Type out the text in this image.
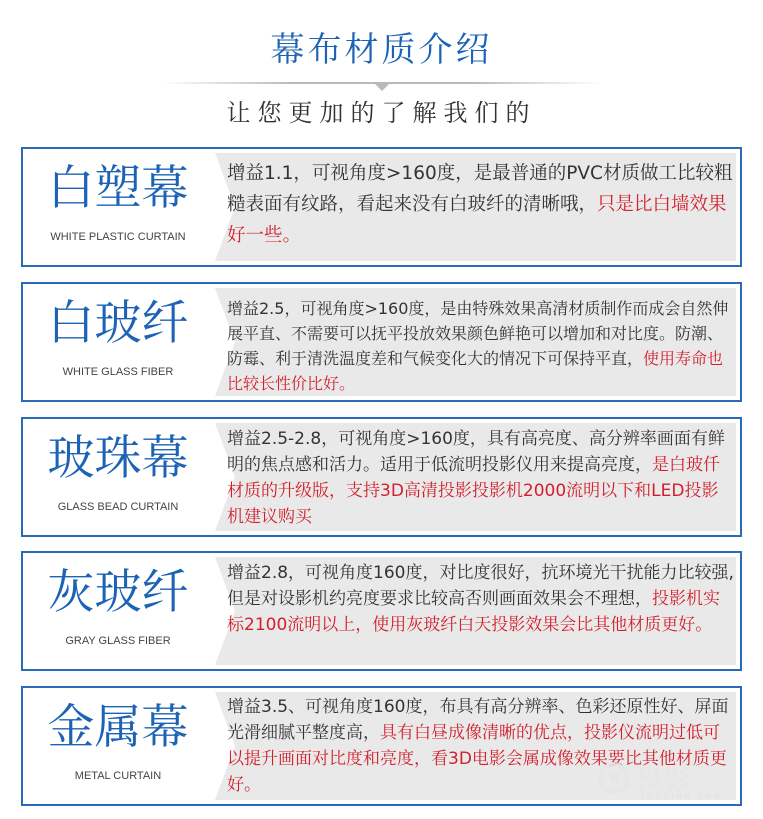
幕布材质介绍
让您更加的了解我们的
白塑幕
WHITE PLASTIC CURTAIN
增益1.1，可视角度>160度，是最普通的PVC材质做工比较粗糙表面有纹路，看起来没有白玻纤的清晰哦，只是比白墙效果好一些。
白玻纤
WHITE GLASS FIBER
增益2.5，可视角度>160度，是由特殊效果高清材质制作而成会自然伸展平直、不需要可以抚平投放效果颜色鲜艳可以增加和对比度。防潮、防霉、利于清洗温度差和气候变化大的情况下可保持平直，使用寿命也比较长性价比好。
玻珠幕
GLASS BEAD CURTAIN
增益2.5-2.8，可视角度>160度，具有高亮度、高分辨率画面有鲜明的焦点感和活力。适用于低流明投影仪用来提高亮度，是白玻仟材质的升级版，支持3D高清投影投影机2000流明以下和LED投影机建议购买
灰玻纤
GRAY GLASS FIBER
增益2.8，可视角度160度，对比度很好，抗环境光干扰能力比较强,但是对设影机约亮度要求比较高否则画面效果会不理想，投影机实标2100流明以上，使用灰玻纤白天投影效果会比其他材质更好。
金属幕
METAL CURTAIN
增益3.5、可视角度160度，布具有高分辨率、色彩还原性好、屏面光滑细腻平整度高，具有白昼成像清晰的优点，投影仪流明过低可以提升画面对比度和亮度，看3D电影会属成像效果要比其他材质更好。	投影
TOUYING.COM
